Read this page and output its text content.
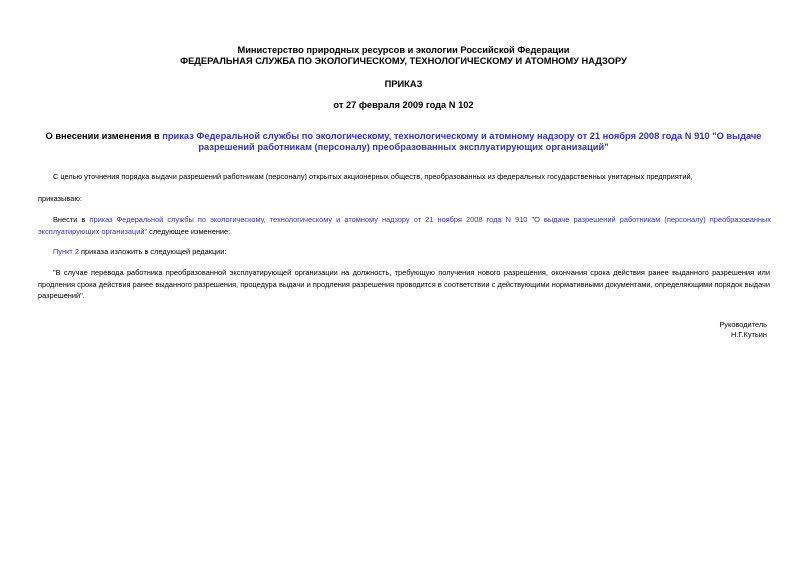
Министерство природных ресурсов и экологии Российской Федерации
ФЕДЕРАЛЬНАЯ СЛУЖБА ПО ЭКОЛОГИЧЕСКОМУ, ТЕХНОЛОГИЧЕСКОМУ И АТОМНОМУ НАДЗОРУ
ПРИКАЗ
от 27 февраля 2009 года N 102
О внесении изменения в приказ Федеральной службы по экологическому, технологическому и атомному надзору от 21 ноября 2008 года N 910 "О выдаче
разрешений работникам (персоналу) преобразованных эксплуатирующих организаций"
С целью уточнения порядка выдачи разрешений работникам (персоналу) открытых акционерных обществ, преобразованных из федеральных государственных унитарных предприятий,
приказываю:
Внести в приказ Федеральной службы по экологическому, технологическому и атомному надзору от 21 ноября 2008 года N 910 "О выдаче разрешений работникам (персоналу) преобразованных эксплуатирующих организаций" следующее изменение:
Пункт 2 приказа изложить в следующей редакции:
"В случае перевода работника преобразованной эксплуатирующей организации на должность, требующую получения нового разрешения, окончания срока действия ранее выданного разрешения или продления срока действия ранее выданного разрешения, процедура выдачи и продления разрешения проводится в соответствии с действующими нормативными документами, определяющими порядок выдачи разрешений".
Руководитель
Н.Г.Кутьин
